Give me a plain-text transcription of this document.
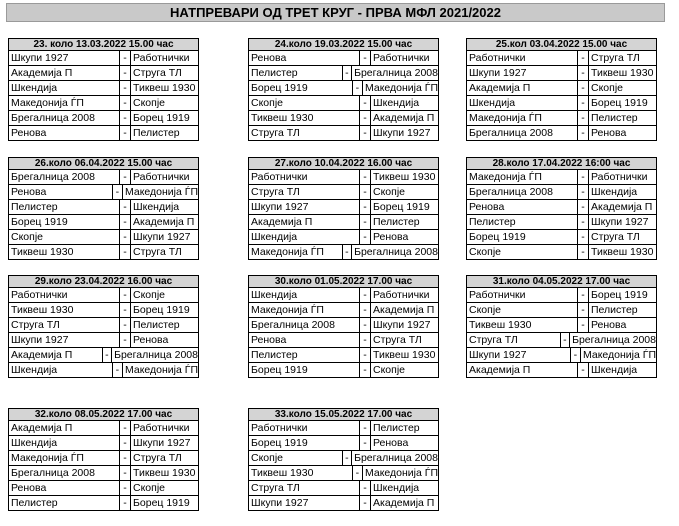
НАТПРЕВАРИ ОД ТРЕТ КРУГ - ПРВА МФЛ 2021/2022
23. коло 13.03.2022 15.00 час
Шкупи 1927	- Работнички
Академија П	- Струга ТЛ
Шкендија	- Тиквеш 1930
Македонија ЃП	- Скопје
Брегалница 2008	- Борец 1919
Ренова	- Пелистер
24.коло 19.03.2022 15.00 час
Ренова	- Работнички
Пелистер	- Брегалница 2008
Борец 1919	- Македонија ЃП
Скопје	- Шкендија
Тиквеш 1930	- Академија П
Струга ТЛ	- Шкупи 1927
25.кол 03.04.2022 15.00 час
Работнички	- Струга ТЛ
Шкупи 1927	- Тиквеш 1930
Академија П	- Скопје
Шкендија	- Борец 1919
Македонија ЃП	- Пелистер
Брегалница 2008	- Ренова
26.коло 06.04.2022 15.00 час
Брегалница 2008	- Работнички
Ренова	- Македонија ЃП
Пелистер	- Шкендија
Борец 1919	- Академија П
Скопје	- Шкупи 1927
Тиквеш 1930	- Струга ТЛ
27.коло 10.04.2022 16.00 час
Работнички	- Тиквеш 1930
Струга ТЛ	- Скопје
Шкупи 1927	- Борец 1919
Академија П	- Пелистер
Шкендија	- Ренова
Македонија ЃП	- Брегалница 2008
28.коло 17.04.2022 16:00 час
Македонија ЃП	- Работнички
Брегалница 2008	- Шкендија
Ренова	- Академија П
Пелистер	- Шкупи 1927
Борец 1919	- Струга ТЛ
Скопје	- Тиквеш 1930
29.коло 23.04.2022 16.00 час
Работнички	- Скопје
Тиквеш 1930	- Борец 1919
Струга ТЛ	- Пелистер
Шкупи 1927	- Ренова
Академија П	- Брегалница 2008
Шкендија	- Македонија ЃП
30.коло 01.05.2022 17.00 час
Шкендија	- Работнички
Македонија ЃП	- Академија П
Брегалница 2008	- Шкупи 1927
Ренова	- Струга ТЛ
Пелистер	- Тиквеш 1930
Борец 1919	- Скопје
31.коло 04.05.2022 17.00 час
Работнички	- Борец 1919
Скопје	- Пелистер
Тиквеш 1930	- Ренова
Струга ТЛ	- Брегалница 2008
Шкупи 1927	- Македонија ЃП
Академија П	- Шкендија
32.коло 08.05.2022 17.00 час
Академија П	- Работнички
Шкендија	- Шкупи 1927
Македонија ЃП	- Струга ТЛ
Брегалница 2008	- Тиквеш 1930
Ренова	- Скопје
Пелистер	- Борец 1919
33.коло 15.05.2022 17.00 час
Работнички	- Пелистер
Борец 1919	- Ренова
Скопје	- Брегалница 2008
Тиквеш 1930	- Македонија ЃП
Струга ТЛ	- Шкендија
Шкупи 1927	- Академија П
